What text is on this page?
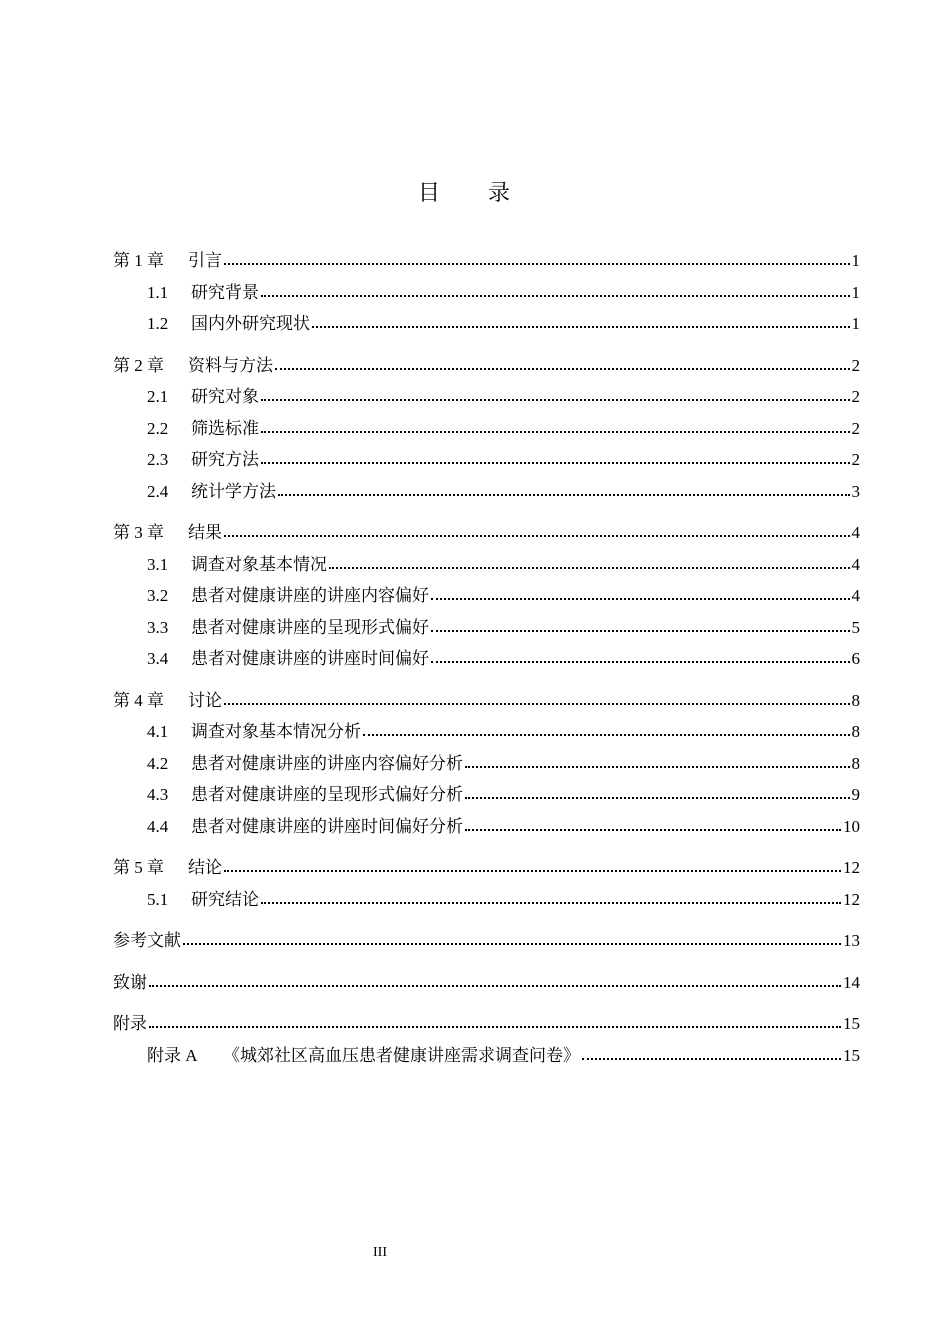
目录
第 1 章	引言	1
1.1	研究背景	1
1.2	国内外研究现状	1
第 2 章	资料与方法	2
2.1	研究对象	2
2.2	筛选标准	2
2.3	研究方法	2
2.4	统计学方法	3
第 3 章	结果	4
3.1	调查对象基本情况	4
3.2	患者对健康讲座的讲座内容偏好	4
3.3	患者对健康讲座的呈现形式偏好	5
3.4	患者对健康讲座的讲座时间偏好	6
第 4 章	讨论	8
4.1	调查对象基本情况分析	8
4.2	患者对健康讲座的讲座内容偏好分析	8
4.3	患者对健康讲座的呈现形式偏好分析	9
4.4	患者对健康讲座的讲座时间偏好分析	10
第 5 章	结论	12
5.1	研究结论	12
参考文献	13
致谢	14
附录	15
附录 A	《城郊社区高血压患者健康讲座需求调查问卷》	15
III
